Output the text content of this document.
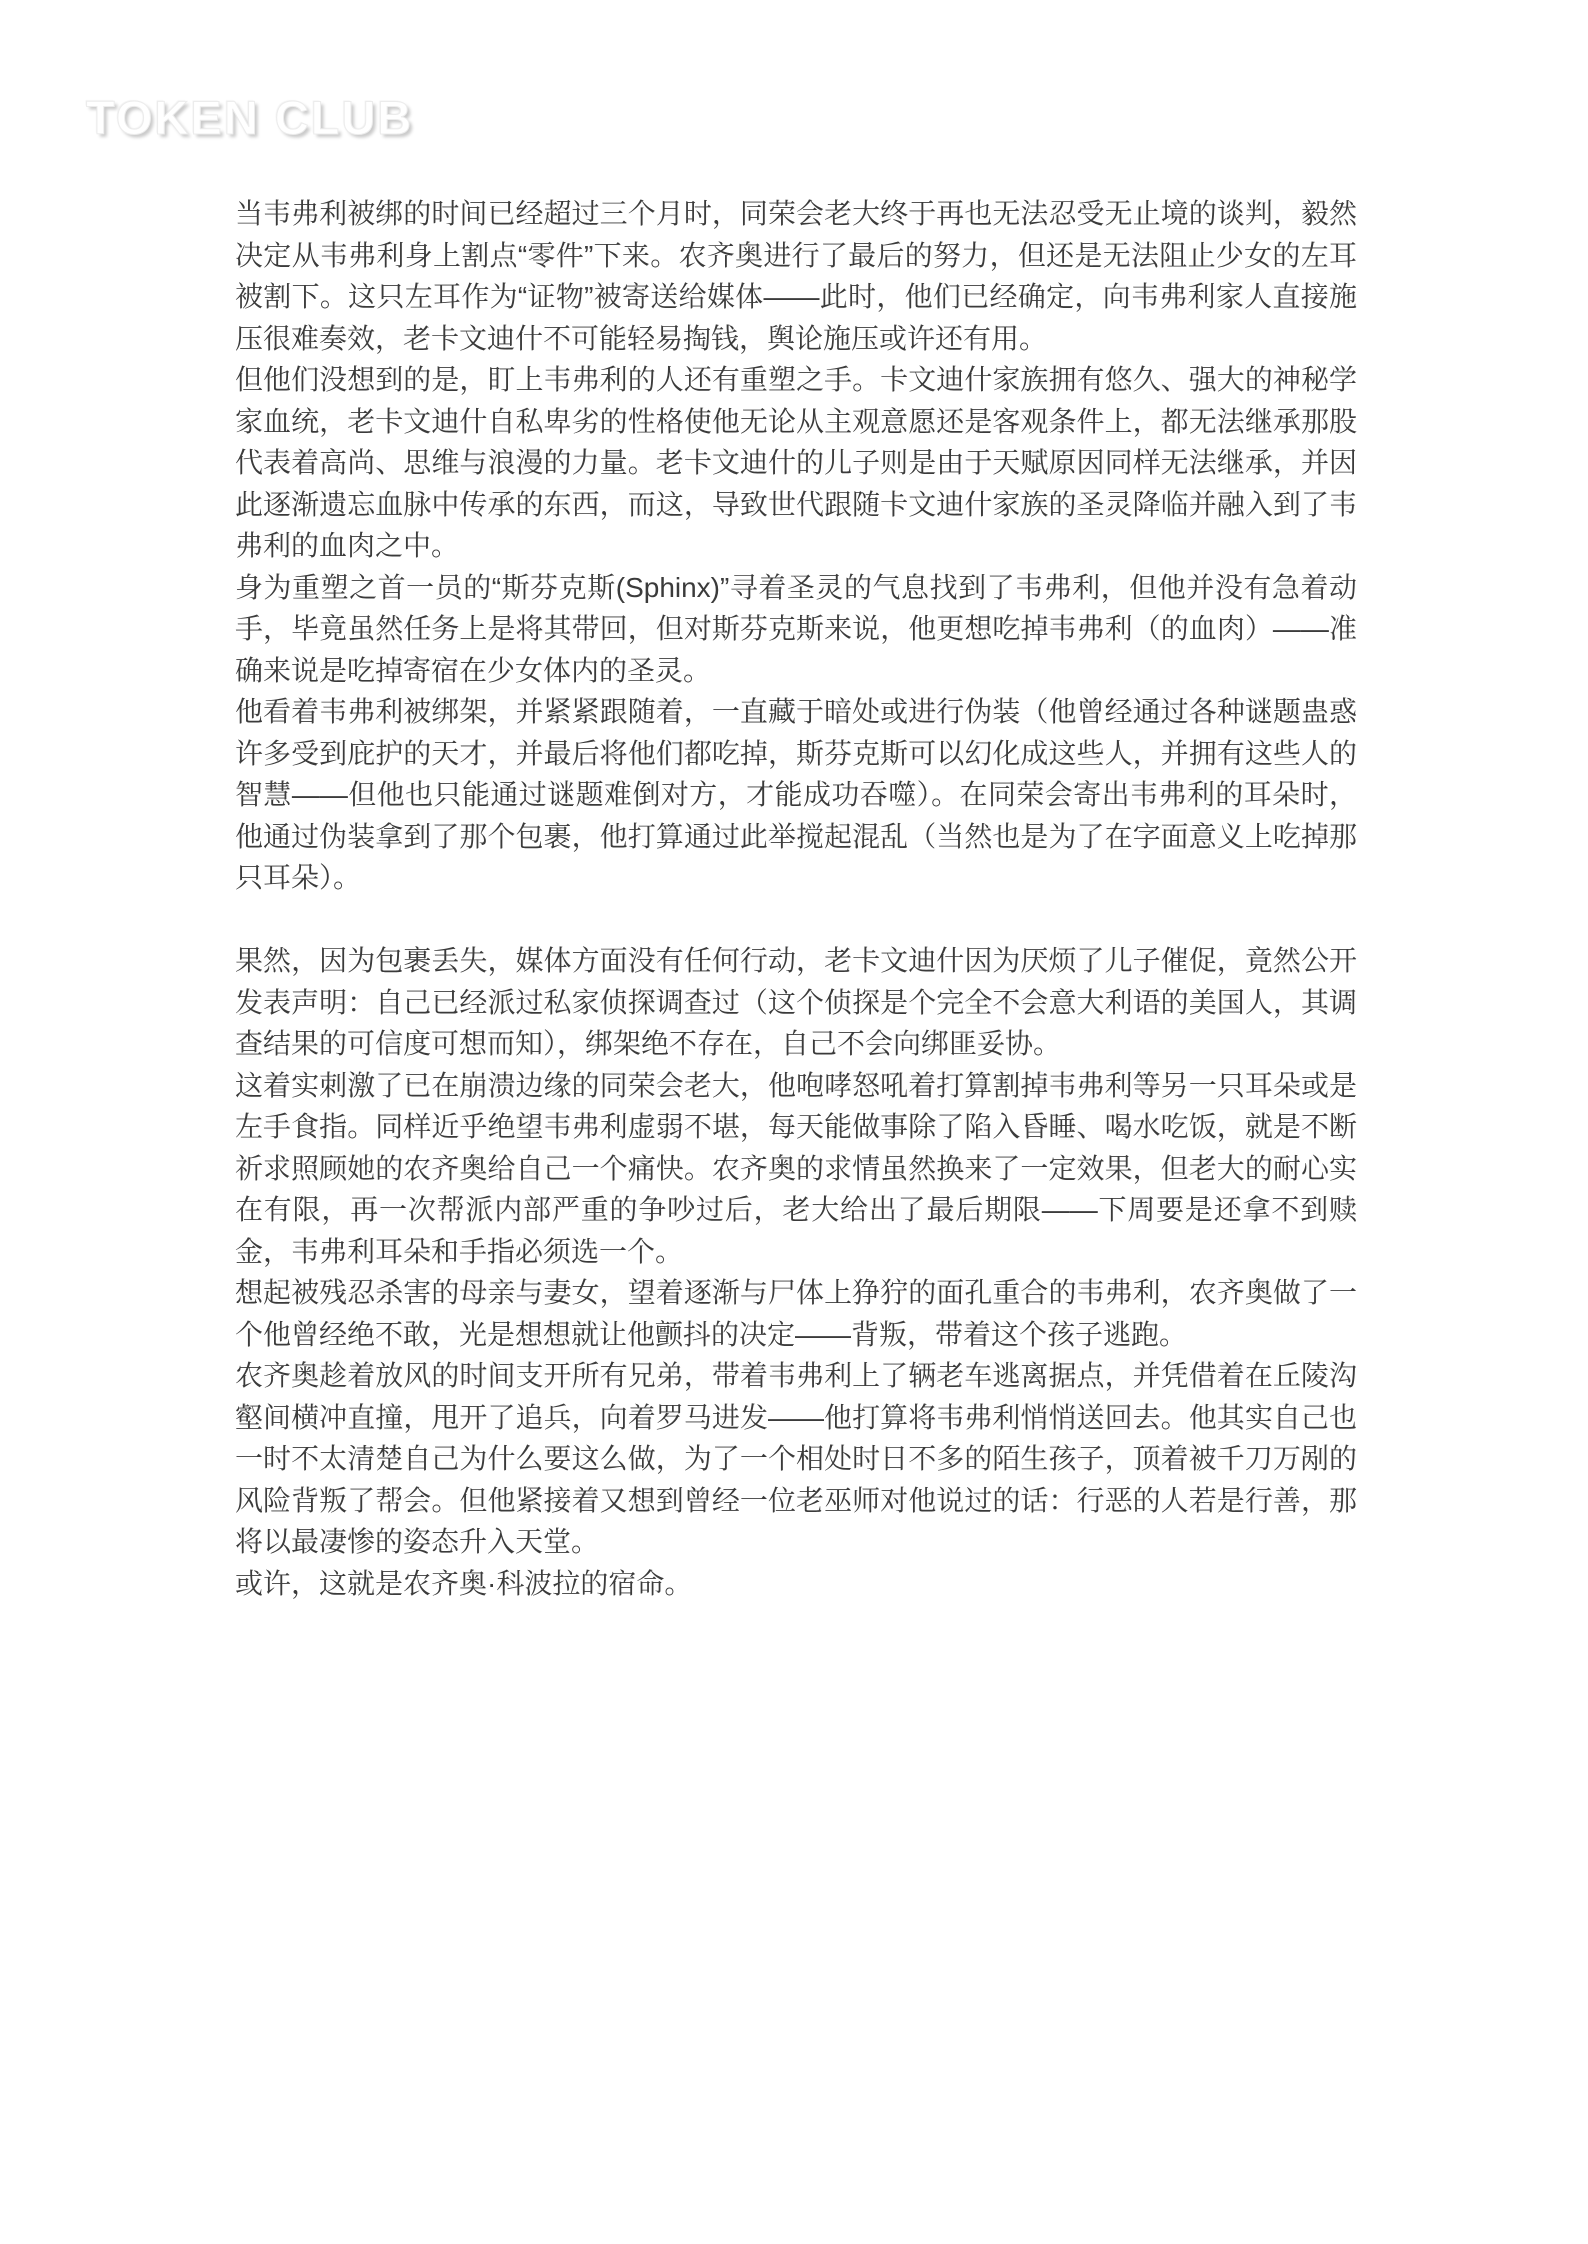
TOKEN CLUB

当韦弗利被绑的时间已经超过三个月时，同荣会老大终于再也无法忍受无止境的谈判，毅然决定从韦弗利身上割点“零件”下来。农齐奥进行了最后的努力，但还是无法阻止少女的左耳被割下。这只左耳作为“证物”被寄送给媒体——此时，他们已经确定，向韦弗利家人直接施压很难奏效，老卡文迪什不可能轻易掏钱，舆论施压或许还有用。

但他们没想到的是，盯上韦弗利的人还有重塑之手。卡文迪什家族拥有悠久、强大的神秘学家血统，老卡文迪什自私卑劣的性格使他无论从主观意愿还是客观条件上，都无法继承那股代表着高尚、思维与浪漫的力量。老卡文迪什的儿子则是由于天赋原因同样无法继承，并因此逐渐遗忘血脉中传承的东西，而这，导致世代跟随卡文迪什家族的圣灵降临并融入到了韦弗利的血肉之中。

身为重塑之首一员的“斯芬克斯(Sphinx)”寻着圣灵的气息找到了韦弗利，但他并没有急着动手，毕竟虽然任务上是将其带回，但对斯芬克斯来说，他更想吃掉韦弗利（的血肉）——准确来说是吃掉寄宿在少女体内的圣灵。

他看着韦弗利被绑架，并紧紧跟随着，一直藏于暗处或进行伪装（他曾经通过各种谜题蛊惑许多受到庇护的天才，并最后将他们都吃掉，斯芬克斯可以幻化成这些人，并拥有这些人的智慧——但他也只能通过谜题难倒对方，才能成功吞噬）。在同荣会寄出韦弗利的耳朵时，他通过伪装拿到了那个包裹，他打算通过此举搅起混乱（当然也是为了在字面意义上吃掉那只耳朵）。

果然，因为包裹丢失，媒体方面没有任何行动，老卡文迪什因为厌烦了儿子催促，竟然公开发表声明：自己已经派过私家侦探调查过（这个侦探是个完全不会意大利语的美国人，其调查结果的可信度可想而知），绑架绝不存在，自己不会向绑匪妥协。

这着实刺激了已在崩溃边缘的同荣会老大，他咆哮怒吼着打算割掉韦弗利等另一只耳朵或是左手食指。同样近乎绝望韦弗利虚弱不堪，每天能做事除了陷入昏睡、喝水吃饭，就是不断祈求照顾她的农齐奥给自己一个痛快。农齐奥的求情虽然换来了一定效果，但老大的耐心实在有限，再一次帮派内部严重的争吵过后，老大给出了最后期限——下周要是还拿不到赎金，韦弗利耳朵和手指必须选一个。

想起被残忍杀害的母亲与妻女，望着逐渐与尸体上狰狞的面孔重合的韦弗利，农齐奥做了一个他曾经绝不敢，光是想想就让他颤抖的决定——背叛，带着这个孩子逃跑。

农齐奥趁着放风的时间支开所有兄弟，带着韦弗利上了辆老车逃离据点，并凭借着在丘陵沟壑间横冲直撞，甩开了追兵，向着罗马进发——他打算将韦弗利悄悄送回去。他其实自己也一时不太清楚自己为什么要这么做，为了一个相处时日不多的陌生孩子，顶着被千刀万剐的风险背叛了帮会。但他紧接着又想到曾经一位老巫师对他说过的话：行恶的人若是行善，那将以最凄惨的姿态升入天堂。

或许，这就是农齐奥·科波拉的宿命。
